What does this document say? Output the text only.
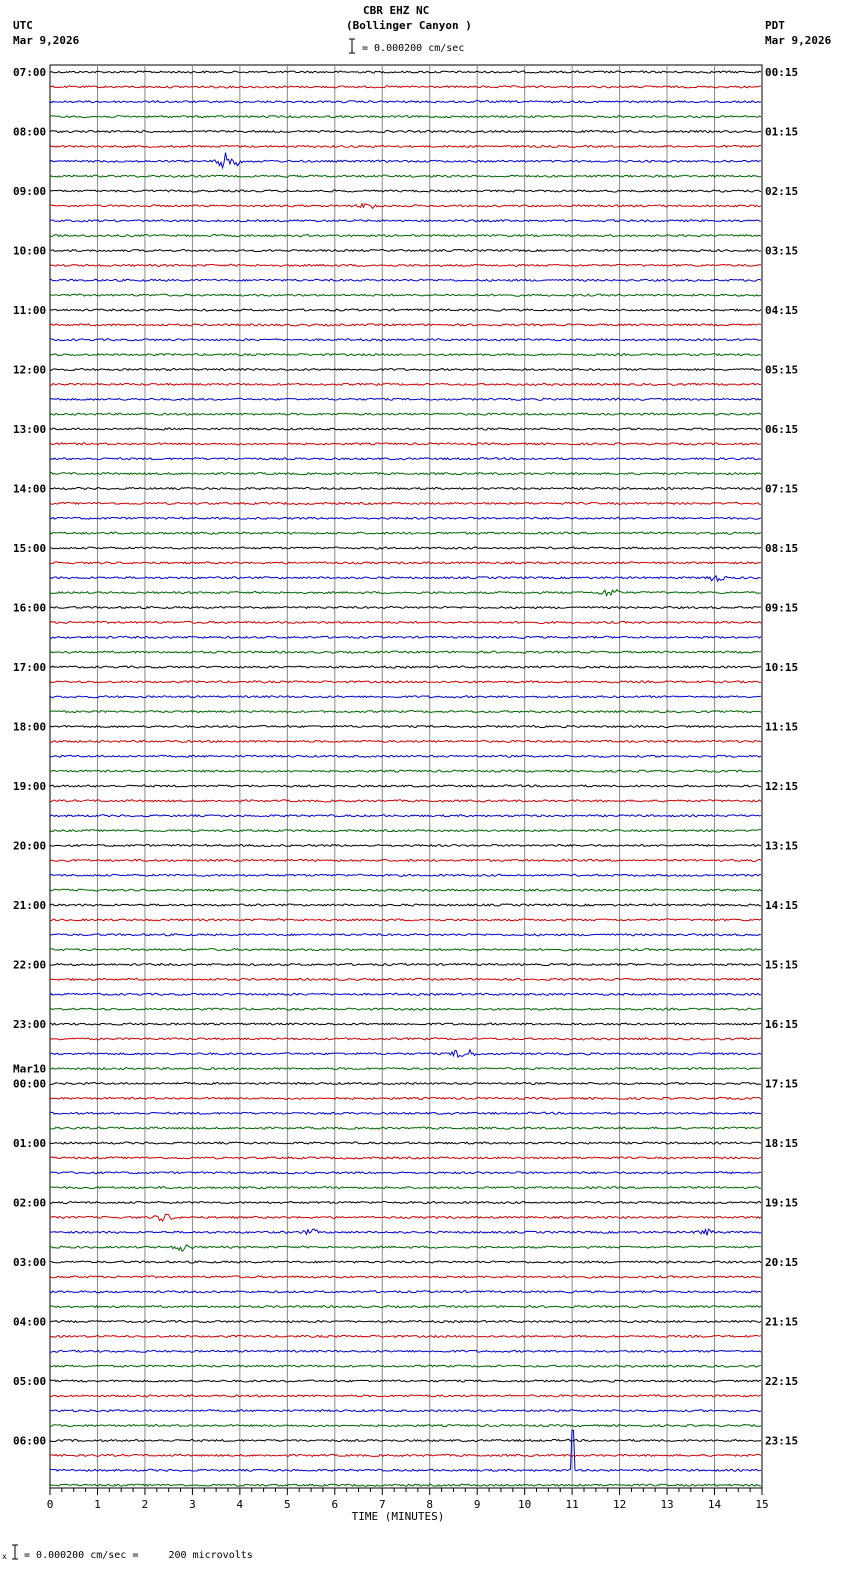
CBR EHZ NC
(Bollinger Canyon )
UTC
Mar 9,2026
PDT
Mar 9,2026
= 0.000200 cm/sec
0	1	2	3	4	5	6	7	8	9	10	11	12	13	14	15
TIME (MINUTES)
07:00
08:00
09:00
10:00
11:00
12:00
13:00
14:00
15:00
16:00
17:00
18:00
19:00
20:00
21:00
22:00
23:00
00:00
01:00
02:00
03:00
04:00
05:00
06:00
Mar10
00:15
01:15
02:15
03:15
04:15
05:15
06:15
07:15
08:15
09:15
10:15
11:15
12:15
13:15
14:15
15:15
16:15
17:15
18:15
19:15
20:15
21:15
22:15
23:15
x = 0.000200 cm/sec =     200 microvolts
